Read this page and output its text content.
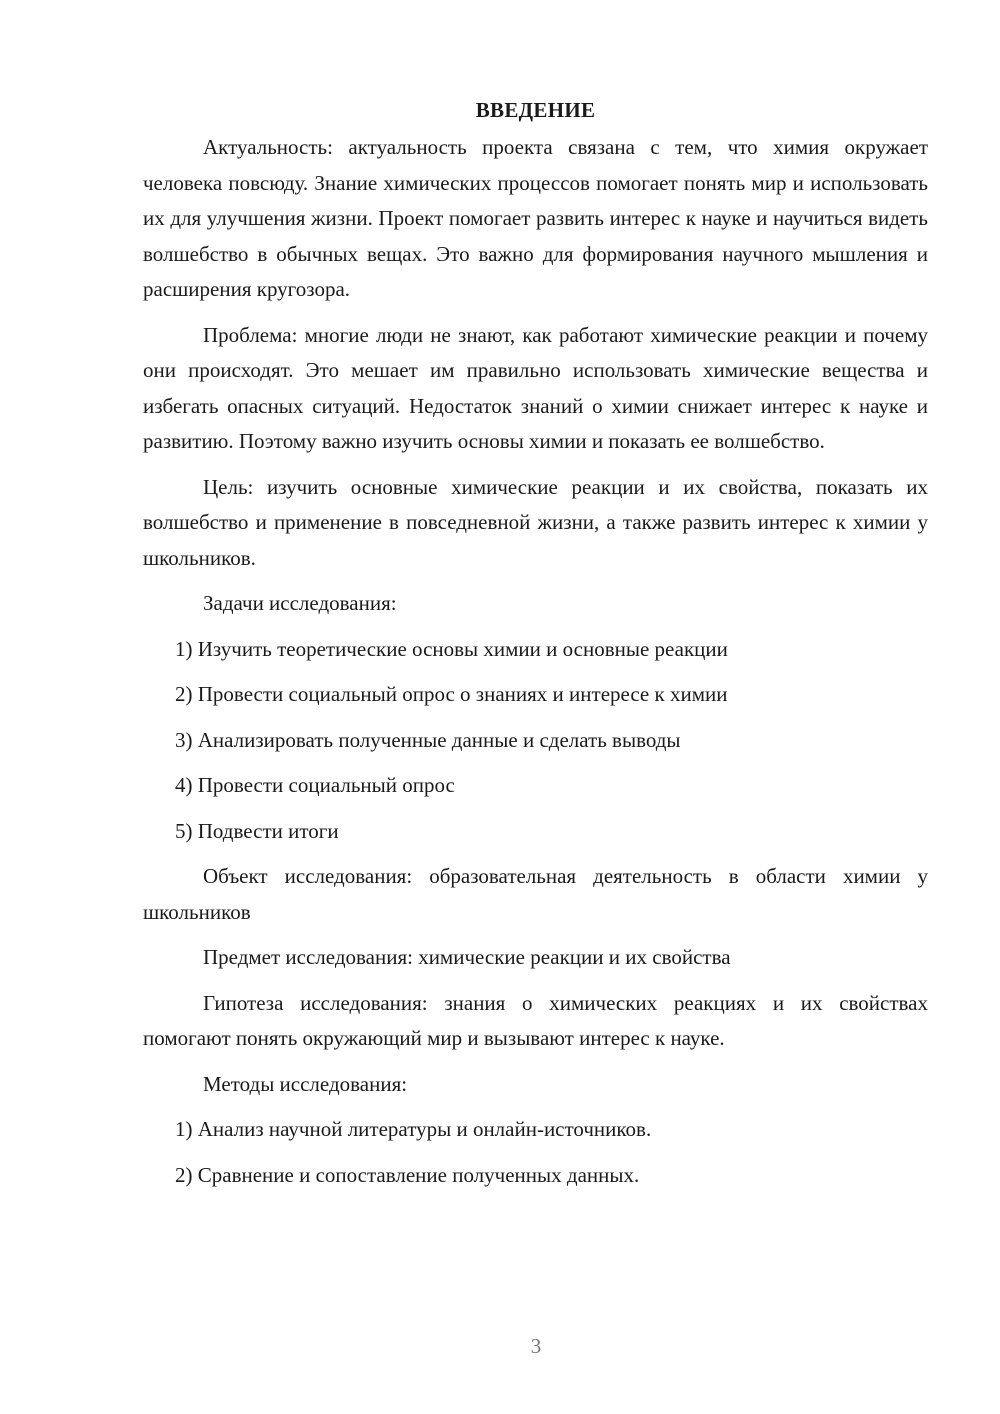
ВВЕДЕНИЕ

Актуальность: актуальность проекта связана с тем, что химия окружает человека повсюду. Знание химических процессов помогает понять мир и использовать их для улучшения жизни. Проект помогает развить интерес к науке и научиться видеть волшебство в обычных вещах. Это важно для формирования научного мышления и расширения кругозора.

Проблема: многие люди не знают, как работают химические реакции и почему они происходят. Это мешает им правильно использовать химические вещества и избегать опасных ситуаций. Недостаток знаний о химии снижает интерес к науке и развитию. Поэтому важно изучить основы химии и показать ее волшебство.

Цель: изучить основные химические реакции и их свойства, показать их волшебство и применение в повседневной жизни, а также развить интерес к химии у школьников.

Задачи исследования:
1) Изучить теоретические основы химии и основные реакции
2) Провести социальный опрос о знаниях и интересе к химии
3) Анализировать полученные данные и сделать выводы
4) Провести социальный опрос
5) Подвести итоги

Объект исследования: образовательная деятельность в области химии у школьников

Предмет исследования: химические реакции и их свойства

Гипотеза исследования: знания о химических реакциях и их свойствах помогают понять окружающий мир и вызывают интерес к науке.

Методы исследования:
1) Анализ научной литературы и онлайн-источников.
2) Сравнение и сопоставление полученных данных.
3
